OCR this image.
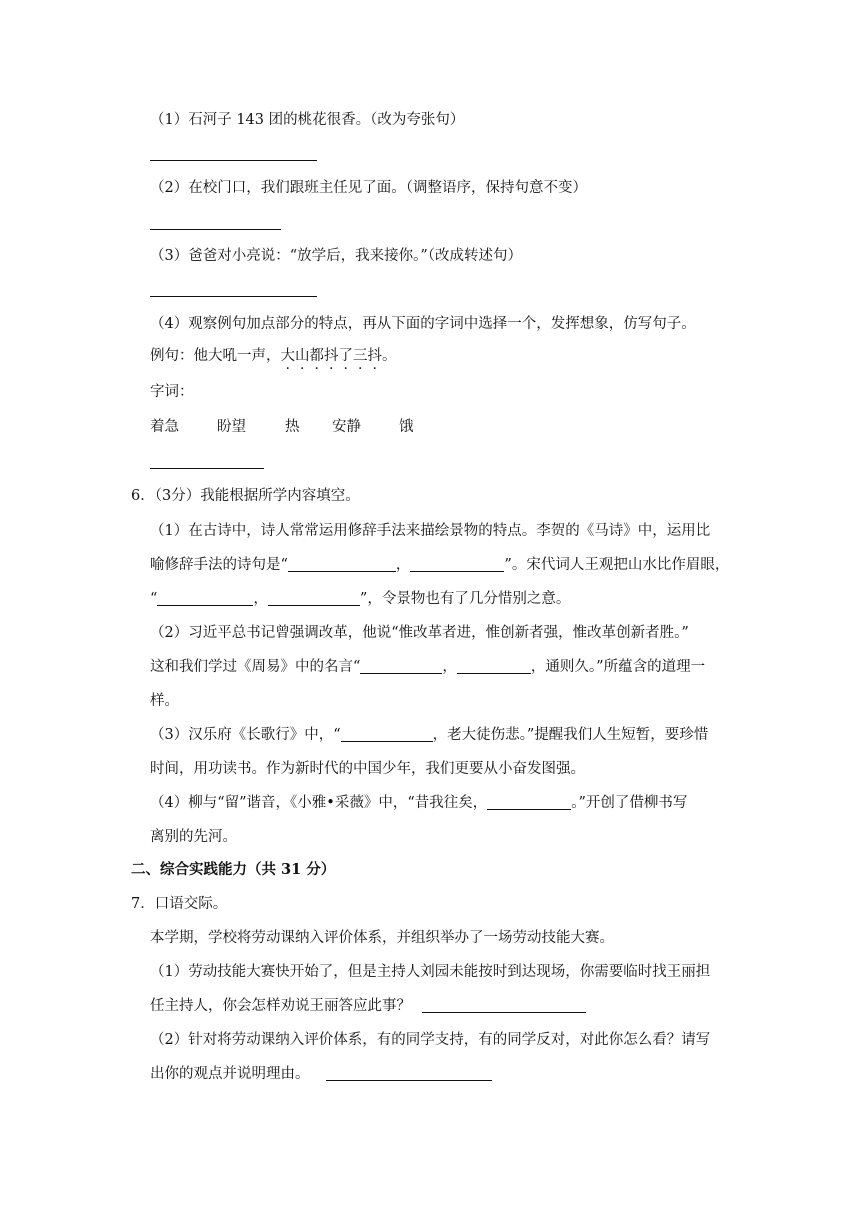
（1）石河子 143 团的桃花很香。（改为夸张句）
（2）在校门口，我们跟班主任见了面。（调整语序，保持句意不变）
（3）爸爸对小亮说：“放学后，我来接你。”（改成转述句）
（4）观察例句加点部分的特点，再从下面的字词中选择一个，发挥想象，仿写句子。
例句：他大吼一声，大山都抖了三抖。
字词：
着急	盼望	热 安静	饿
6．（3分）我能根据所学内容填空。
（1）在古诗中，诗人常常运用修辞手法来描绘景物的特点。李贺的《马诗》中，运用比
喻修辞手法的诗句是“	，	”。宋代词人王观把山水比作眉眼，
“	，	”，令景物也有了几分惜别之意。
（2）习近平总书记曾强调改革，他说“惟改革者进，惟创新者强，惟改革创新者胜。”
这和我们学过《周易》中的名言“	，	，通则久。”所蕴含的道理一
样。
（3）汉乐府《长歌行》中，“	，老大徒伤悲。”提醒我们人生短暂，要珍惜
时间，用功读书。作为新时代的中国少年，我们更要从小奋发图强。
（4）柳与“留”谐音，《小雅•采薇》中，“昔我往矣，	。”开创了借柳书写
离别的先河。
二、综合实践能力（共 31 分）
7．口语交际。
本学期，学校将劳动课纳入评价体系，并组织举办了一场劳动技能大赛。
（1）劳动技能大赛快开始了，但是主持人刘园未能按时到达现场，你需要临时找王丽担
任主持人，你会怎样劝说王丽答应此事？
（2）针对将劳动课纳入评价体系，有的同学支持，有的同学反对，对此你怎么看？请写
出你的观点并说明理由。
